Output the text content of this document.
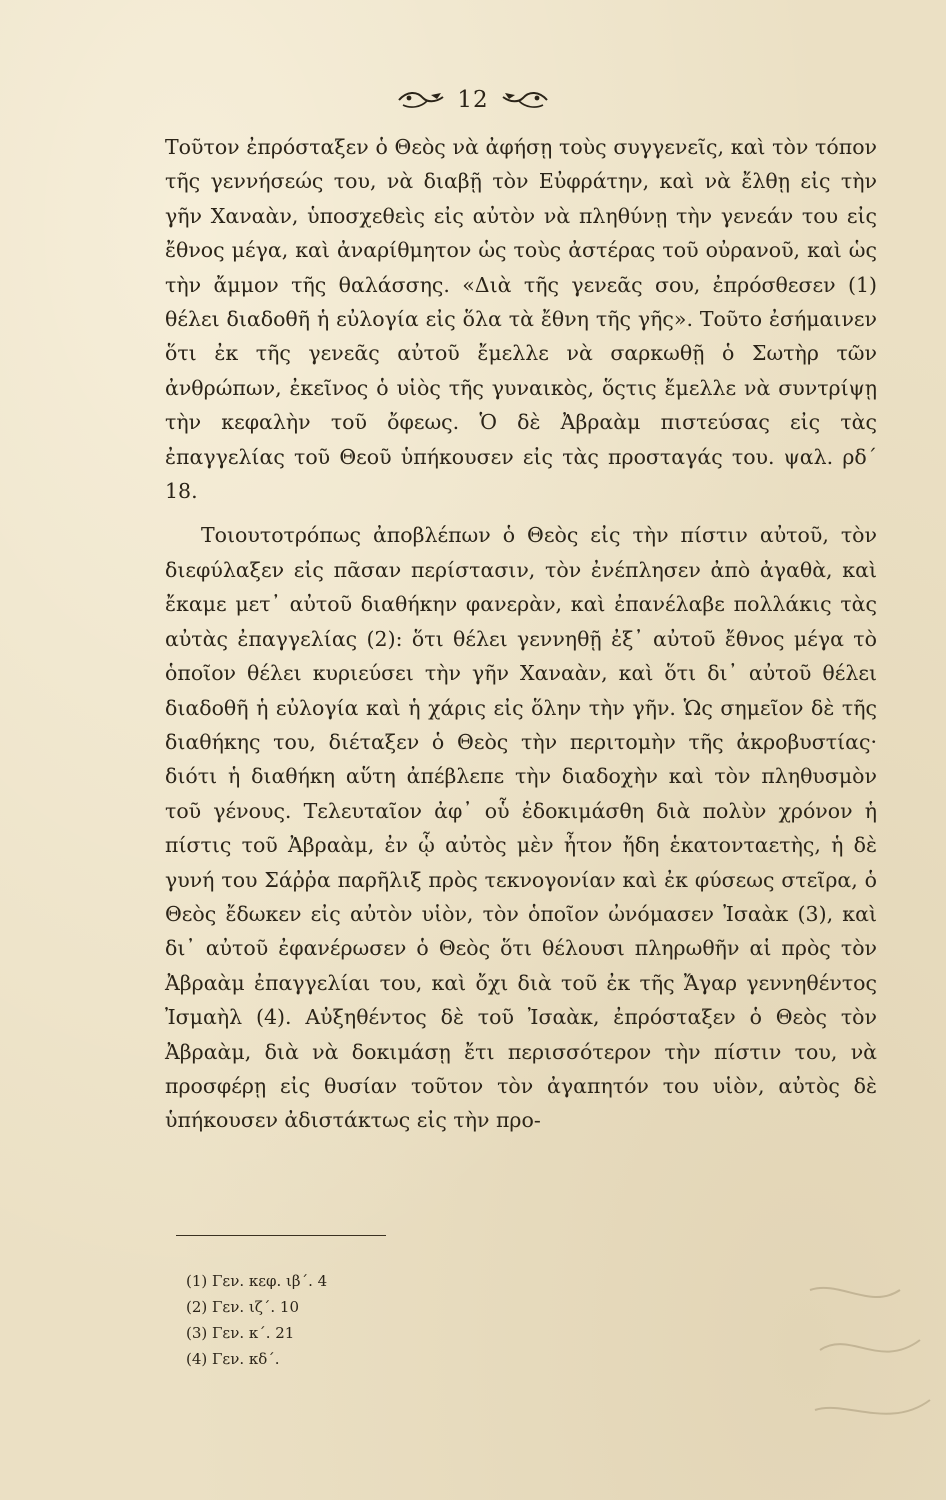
12

Τοῦτον ἐπρόσταξεν ὁ Θεὸς νὰ ἀφήσῃ τοὺς συγγενεῖς, καὶ τὸν τόπον τῆς γεννήσεώς του, νὰ διαβῇ τὸν Εὐφράτην, καὶ νὰ ἔλθῃ εἰς τὴν γῆν Χαναὰν, ὑποσχεθεὶς εἰς αὐτὸν νὰ πληθύνῃ τὴν γενεάν του εἰς ἔθνος μέγα, καὶ ἀναρίθμητον ὡς τοὺς ἀστέρας τοῦ οὐρανοῦ, καὶ ὡς τὴν ἄμμον τῆς θαλάσσης. «Διὰ τῆς γενεᾶς σου, ἐπρόσθεσεν (1) θέλει διαδοθῆ ἡ εὐλογία εἰς ὅλα τὰ ἔθνη τῆς γῆς». Τοῦτο ἐσήμαινεν ὅτι ἐκ τῆς γενεᾶς αὐτοῦ ἔμελλε νὰ σαρκωθῇ ὁ Σωτὴρ τῶν ἀνθρώπων, ἐκεῖνος ὁ υἱὸς τῆς γυναικὸς, ὅςτις ἔμελλε νὰ συντρίψῃ τὴν κεφαλὴν τοῦ ὄφεως. Ὁ δὲ Ἀβραὰμ πιστεύσας εἰς τὰς ἐπαγγελίας τοῦ Θεοῦ ὑπήκουσεν εἰς τὰς προσταγάς του. ψαλ. ρδ´ 18.

Τοιουτοτρόπως ἀποβλέπων ὁ Θεὸς εἰς τὴν πίστιν αὐτοῦ, τὸν διεφύλαξεν εἰς πᾶσαν περίστασιν, τὸν ἐνέπλησεν ἀπὸ ἀγαθὰ, καὶ ἔκαμε μετ᾽ αὐτοῦ διαθήκην φανερὰν, καὶ ἐπανέλαβε πολλάκις τὰς αὐτὰς ἐπαγγελίας (2): ὅτι θέλει γεννηθῇ ἐξ᾽ αὐτοῦ ἔθνος μέγα τὸ ὁποῖον θέλει κυριεύσει τὴν γῆν Χαναὰν, καὶ ὅτι δι᾽ αὐτοῦ θέλει διαδοθῆ ἡ εὐλογία καὶ ἡ χάρις εἰς ὅλην τὴν γῆν. Ὡς σημεῖον δὲ τῆς διαθήκης του, διέταξεν ὁ Θεὸς τὴν περιτομὴν τῆς ἀκροβυστίας· διότι ἡ διαθήκη αὕτη ἀπέβλεπε τὴν διαδοχὴν καὶ τὸν πληθυσμὸν τοῦ γένους. Τελευταῖον ἀφ᾽ οὗ ἐδοκιμάσθη διὰ πολὺν χρόνον ἡ πίστις τοῦ Ἀβραὰμ, ἐν ᾧ αὐτὸς μὲν ἦτον ἤδη ἑκατονταετὴς, ἡ δὲ γυνή του Σάῤῥα παρῆλιξ πρὸς τεκνογονίαν καὶ ἐκ φύσεως στεῖρα, ὁ Θεὸς ἔδωκεν εἰς αὐτὸν υἱὸν, τὸν ὁποῖον ὠνόμασεν Ἰσαὰκ (3), καὶ δι᾽ αὐτοῦ ἐφανέρωσεν ὁ Θεὸς ὅτι θέλουσι πληρωθῆν αἱ πρὸς τὸν Ἀβραὰμ ἐπαγγελίαι του, καὶ ὄχι διὰ τοῦ ἐκ τῆς Ἄγαρ γεννηθέντος Ἰσμαὴλ (4). Αὐξηθέντος δὲ τοῦ Ἰσαὰκ, ἐπρόσταξεν ὁ Θεὸς τὸν Ἀβραὰμ, διὰ νὰ δοκιμάσῃ ἔτι περισσότερον τὴν πίστιν του, νὰ προσφέρῃ εἰς θυσίαν τοῦτον τὸν ἀγαπητόν του υἱὸν, αὐτὸς δὲ ὑπήκουσεν ἀδιστάκτως εἰς τὴν προ-

(1) Γεν. κεφ. ιβ´. 4
(2) Γεν. ιζ´. 10
(3) Γεν. κ´. 21
(4) Γεν. κδ´.
